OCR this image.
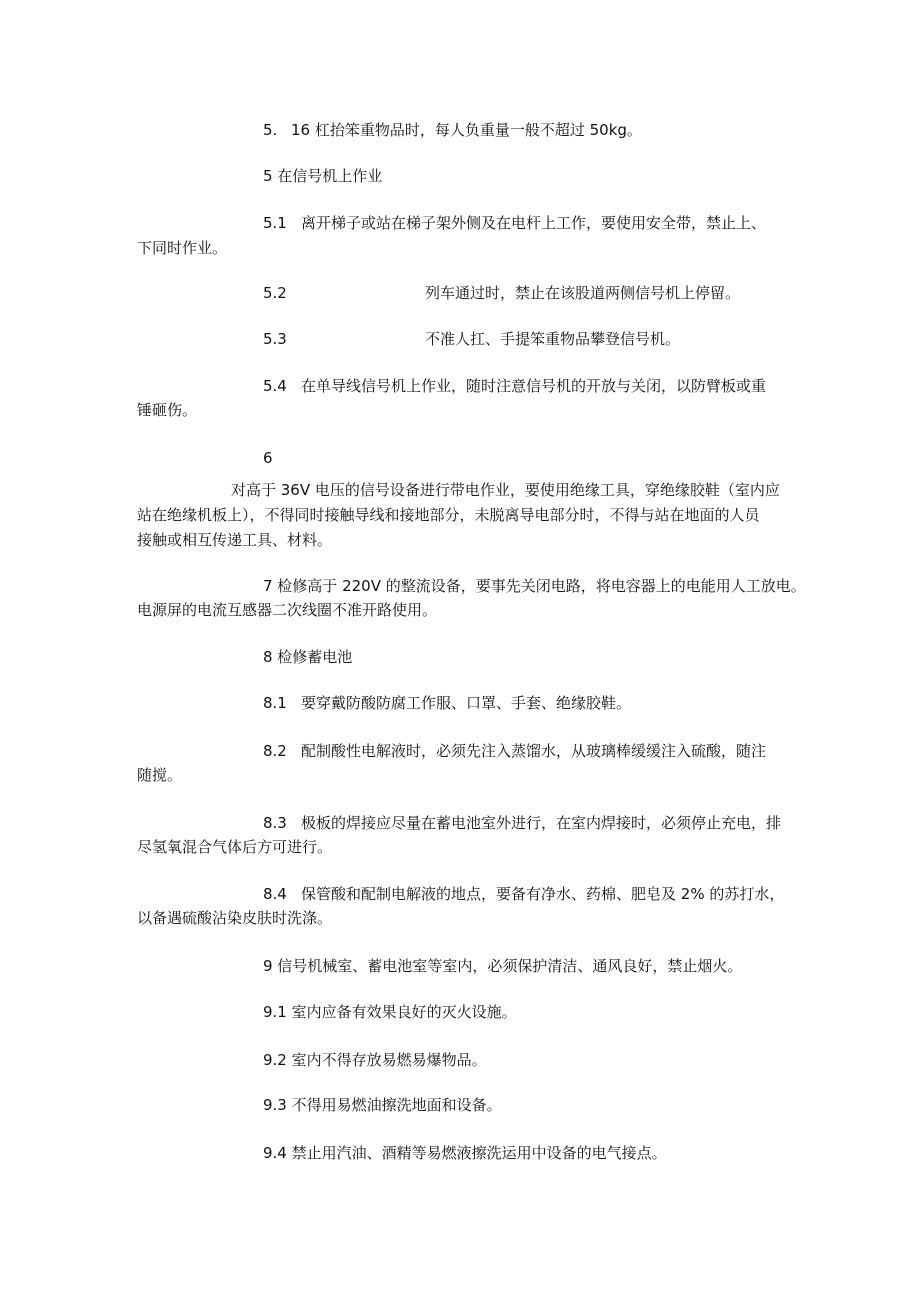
5. 16 杠抬笨重物品时，每人负重量一般不超过 50kg。
5 在信号机上作业
5.1 离开梯子或站在梯子架外侧及在电杆上工作，要使用安全带，禁止上、
下同时作业。
5.2	列车通过时，禁止在该股道两侧信号机上停留。
5.3	不准人扛、手提笨重物品攀登信号机。
5.4 在单导线信号机上作业，随时注意信号机的开放与关闭，以防臂板或重
锤砸伤。
6
对高于 36V 电压的信号设备进行带电作业，要使用绝缘工具，穿绝缘胶鞋（室内应
站在绝缘机板上），不得同时接触导线和接地部分，未脱离导电部分时，不得与站在地面的人员
接触或相互传递工具、材料。
7 检修高于 220V 的整流设备，要事先关闭电路，将电容器上的电能用人工放电。
电源屏的电流互感器二次线圈不准开路使用。
8 检修蓄电池
8.1 要穿戴防酸防腐工作服、口罩、手套、绝缘胶鞋。
8.2 配制酸性电解液时，必须先注入蒸馏水，从玻璃棒缓缓注入硫酸，随注
随搅。
8.3 极板的焊接应尽量在蓄电池室外进行，在室内焊接时，必须停止充电，排
尽氢氧混合气体后方可进行。
8.4 保管酸和配制电解液的地点，要备有净水、药棉、肥皂及 2% 的苏打水，
以备遇硫酸沾染皮肤时洗涤。
9 信号机械室、蓄电池室等室内，必须保护清洁、通风良好，禁止烟火。
9.1 室内应备有效果良好的灭火设施。
9.2 室内不得存放易燃易爆物品。
9.3 不得用易燃油擦洗地面和设备。
9.4 禁止用汽油、酒精等易燃液擦洗运用中设备的电气接点。
